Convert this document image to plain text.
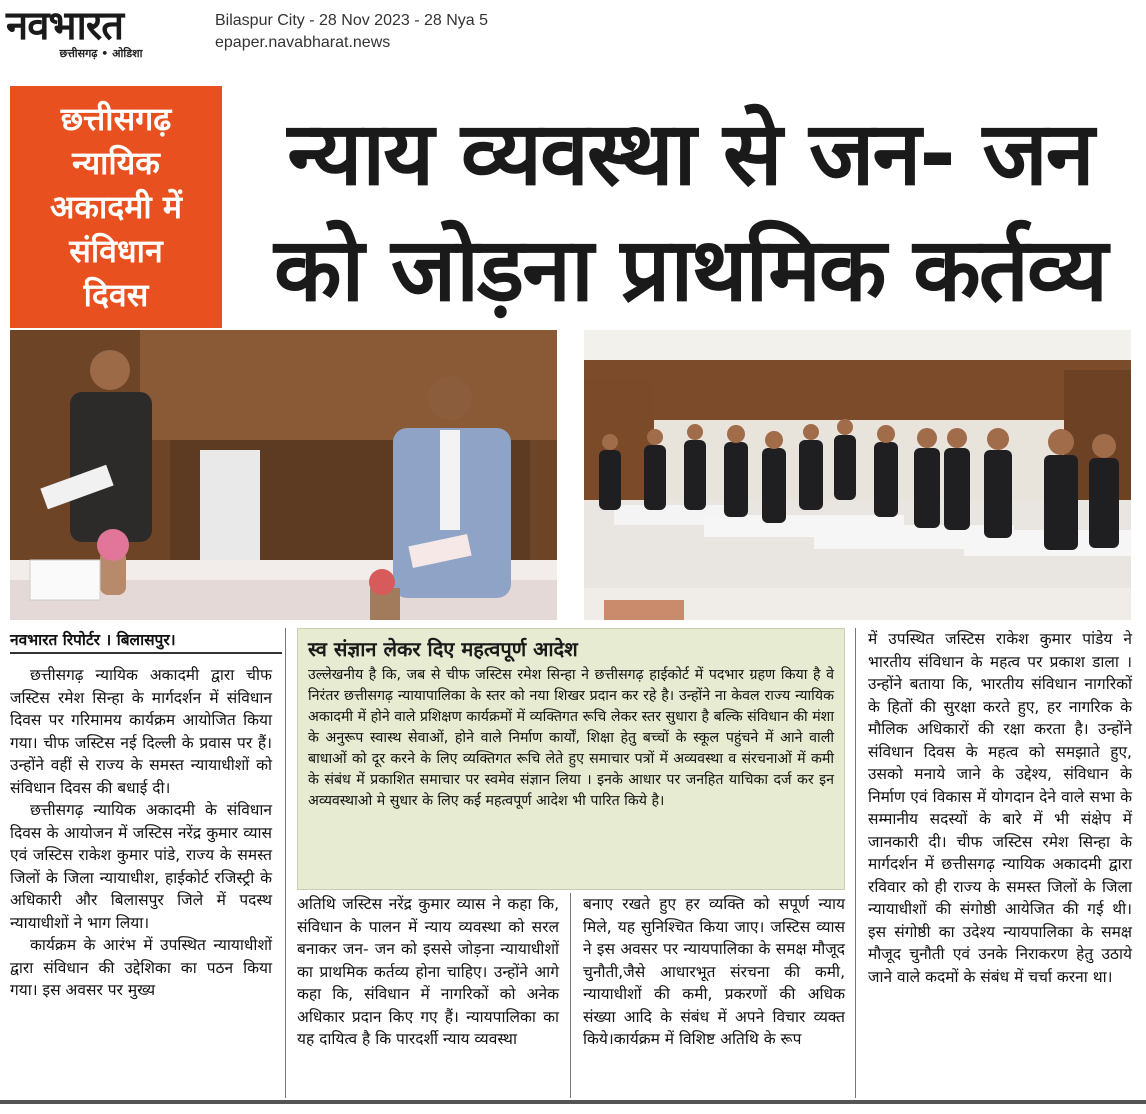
नवभारत
छत्तीसगढ़ • ओडिशा
Bilaspur City - 28 Nov 2023 - 28 Nya 5
epaper.navabharat.news
छत्तीसगढ़
न्यायिक
अकादमी में
संविधान
दिवस
न्याय व्यवस्था से जन- जन
को जोड़ना प्राथमिक कर्तव्य
नवभारत रिपोर्टर । बिलासपुर।

छत्तीसगढ़ न्यायिक अकादमी द्वारा चीफ जस्टिस रमेश सिन्हा के मार्गदर्शन में संविधान दिवस पर गरिमामय कार्यक्रम आयोजित किया गया। चीफ जस्टिस नई दिल्ली के प्रवास पर हैं। उन्होंने वहीं से राज्य के समस्त न्यायाधीशों को संविधान दिवस की बधाई दी।

छत्तीसगढ़ न्यायिक अकादमी के संविधान दिवस के आयोजन में जस्टिस नरेंद्र कुमार व्यास एवं जस्टिस राकेश कुमार पांडे, राज्य के समस्त जिलों के जिला न्यायाधीश, हाईकोर्ट रजिस्ट्री के अधिकारी और बिलासपुर जिले में पदस्थ न्यायाधीशों ने भाग लिया।

कार्यक्रम के आरंभ में उपस्थित न्यायाधीशों द्वारा संविधान की उद्देशिका का पठन किया गया। इस अवसर पर मुख्य

स्व संज्ञान लेकर दिए महत्वपूर्ण आदेश
उल्लेखनीय है कि, जब से चीफ जस्टिस रमेश सिन्हा ने छत्तीसगढ़ हाईकोर्ट में पदभार ग्रहण किया है वे निरंतर छत्तीसगढ़ न्यायापालिका के स्तर को नया शिखर प्रदान कर रहे है। उन्होंने ना केवल राज्य न्यायिक अकादमी में होने वाले प्रशिक्षण कार्यक्रमों में व्यक्तिगत रूचि लेकर स्तर सुधारा है बल्कि संविधान की मंशा के अनुरूप स्वास्थ सेवाओं, होने वाले निर्माण कार्यों, शिक्षा हेतु बच्चों के स्कूल पहुंचने में आने वाली बाधाओं को दूर करने के लिए व्यक्तिगत रूचि लेते हुए समाचार पत्रों में अव्यवस्था व संरचनाओं में कमी के संबंध में प्रकाशित समाचार पर स्वमेव संज्ञान लिया । इनके आधार पर जनहित याचिका दर्ज कर इन अव्यवस्थाओ मे सुधार के लिए कई महत्वपूर्ण आदेश भी पारित किये है।

अतिथि जस्टिस नरेंद्र कुमार व्यास ने कहा कि, संविधान के पालन में न्याय व्यवस्था को सरल बनाकर जन- जन को इससे जोड़ना न्यायाधीशों का प्राथमिक कर्तव्य होना चाहिए। उन्होंने आगे कहा कि, संविधान में नागरिकों को अनेक अधिकार प्रदान किए गए हैं। न्यायपालिका का यह दायित्व है कि पारदर्शी न्याय व्यवस्था

बनाए रखते हुए हर व्यक्ति को सपूर्ण न्याय मिले, यह सुनिश्चित किया जाए। जस्टिस व्यास ने इस अवसर पर न्यायपालिका के समक्ष मौजूद चुनौती,जैसे आधारभूत संरचना की कमी, न्यायाधीशों की कमी, प्रकरणों की अधिक संख्या आदि के संबंध में अपने विचार व्यक्त किये।कार्यक्रम में विशिष्ट अतिथि के रूप

में उपस्थित जस्टिस राकेश कुमार पांडेय ने भारतीय संविधान के महत्व पर प्रकाश डाला । उन्होंने बताया कि, भारतीय संविधान नागरिकों के हितों की सुरक्षा करते हुए, हर नागरिक के मौलिक अधिकारों की रक्षा करता है। उन्होंने संविधान दिवस के महत्व को समझाते हुए, उसको मनाये जाने के उद्देश्य, संविधान के निर्माण एवं विकास में योगदान देने वाले सभा के सम्मानीय सदस्यों के बारे में भी संक्षेप में जानकारी दी। चीफ जस्टिस रमेश सिन्हा के मार्गदर्शन में छत्तीसगढ़ न्यायिक अकादमी द्वारा रविवार को ही राज्य के समस्त जिलों के जिला न्यायाधीशों की संगोष्ठी आयेजित की गई थी। इस संगोष्ठी का उदेश्य न्यायपालिका के समक्ष मौजूद चुनौती एवं उनके निराकरण हेतु उठाये जाने वाले कदमों के संबंध में चर्चा करना था।
